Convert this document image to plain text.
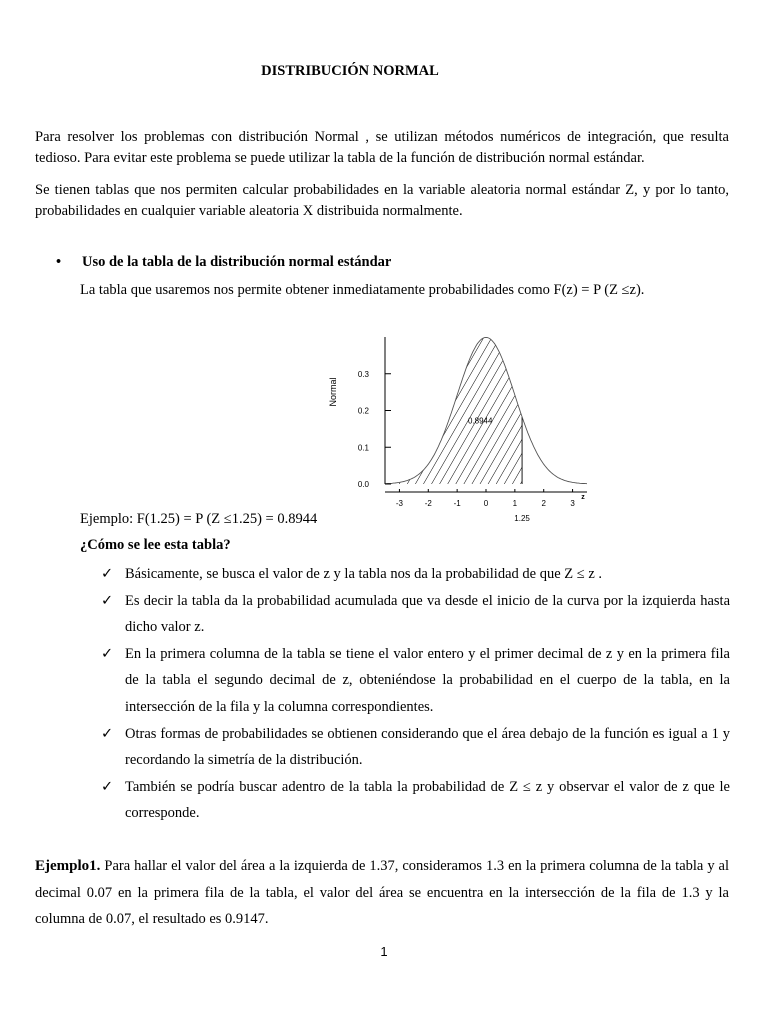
DISTRIBUCIÓN NORMAL

Para resolver los problemas con distribución Normal , se utilizan métodos numéricos de integración, que resulta tedioso. Para evitar este problema se puede utilizar la tabla de la función de distribución normal estándar.

Se tienen tablas que nos permiten calcular probabilidades en la variable aleatoria normal estándar Z, y por lo tanto, probabilidades en cualquier variable aleatoria X distribuida normalmente.

• Uso de la tabla de la distribución normal estándar
La tabla que usaremos nos permite obtener inmediatamente probabilidades como F(z) = P (Z ≤z).
0.0
0.1
0.2
0.3
Normal
-3	-2	-1	0	1	2	3
z
1.25
0.8944
Ejemplo: F(1.25) = P (Z ≤1.25) = 0.8944
¿Cómo se lee esta tabla?
✓ Básicamente, se busca el valor de z y la tabla nos da la probabilidad de que Z ≤ z .
✓ Es decir la tabla da la probabilidad acumulada que va desde el inicio de la curva por la izquierda hasta dicho valor z.
✓ En la primera columna de la tabla se tiene el valor entero y el primer decimal de z y en la primera fila de la tabla el segundo decimal de z, obteniéndose la probabilidad en el cuerpo de la tabla, en la intersección de la fila y la columna correspondientes.
✓ Otras formas de probabilidades se obtienen considerando que el área debajo de la función es igual a 1 y recordando la simetría de la distribución.
✓ También se podría buscar adentro de la tabla la probabilidad de Z ≤ z y observar el valor de z que le corresponde.

Ejemplo1. Para hallar el valor del área a la izquierda de 1.37, consideramos 1.3 en la primera columna de la tabla y al decimal 0.07 en la primera fila de la tabla, el valor del área se encuentra en la intersección de la fila de 1.3 y la columna de 0.07, el resultado es 0.9147.

1
